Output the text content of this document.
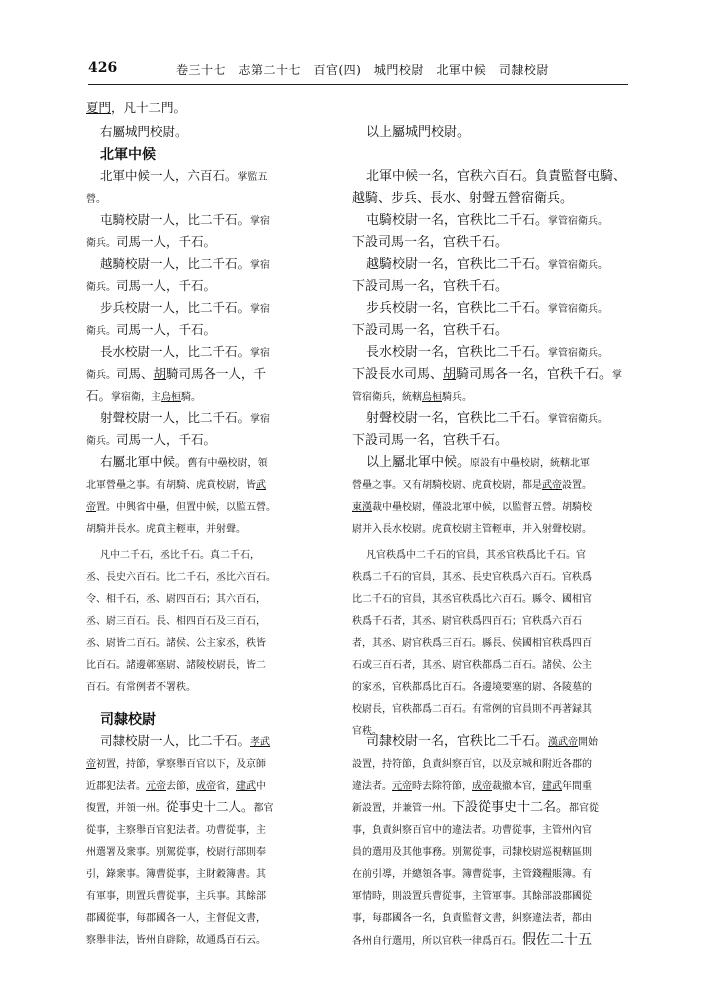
426	卷三十七　志第二十七　百官(四)　城門校尉　北軍中候　司隸校尉
夏門，凡十二門。
右屬城門校尉。
北軍中候
北軍中候一人，六百石。掌監五
營。
屯騎校尉一人，比二千石。掌宿
衛兵。司馬一人，千石。
越騎校尉一人，比二千石。掌宿
衛兵。司馬一人，千石。
步兵校尉一人，比二千石。掌宿
衛兵。司馬一人，千石。
長水校尉一人，比二千石。掌宿
衛兵。司馬、胡騎司馬各一人，千
石。掌宿衛，主烏桓騎。
射聲校尉一人，比二千石。掌宿
衛兵。司馬一人，千石。
右屬北軍中候。舊有中壘校尉，領
北軍營壘之事。有胡騎、虎賁校尉，皆武
帝置。中興省中壘，但置中候，以監五營。
胡騎并長水。虎賁主輕車，并射聲。
凡中二千石，丞比千石。真二千石，
丞、長史六百石。比二千石，丞比六百石。
令、相千石，丞、尉四百石；其六百石，
丞、尉三百石。長、相四百石及三百石，
丞、尉皆二百石。諸侯、公主家丞，秩皆
比百石。諸邊鄣塞尉、諸陵校尉長，皆二
百石。有常例者不署秩。
司隸校尉
司隸校尉一人，比二千石。孝武
帝初置，持節，掌察舉百官以下，及京師
近郡犯法者。元帝去節，成帝省，建武中
復置，并領一州。從事史十二人。都官
從事，主察舉百官犯法者。功曹從事，主
州選署及衆事。別駕從事，校尉行部則奉
引，錄衆事。簿曹從事，主財穀簿書。其
有軍事，則置兵曹從事，主兵事。其餘部
郡國從事，每郡國各一人，主督促文書，
察舉非法，皆州自辟除，故通爲百石云。
以上屬城門校尉。
北軍中候一名，官秩六百石。負責監督屯騎、
越騎、步兵、長水、射聲五營宿衛兵。
屯騎校尉一名，官秩比二千石。掌管宿衛兵。
下設司馬一名，官秩千石。
越騎校尉一名，官秩比二千石。掌管宿衛兵。
下設司馬一名，官秩千石。
步兵校尉一名，官秩比二千石。掌管宿衛兵。
下設司馬一名，官秩千石。
長水校尉一名，官秩比二千石。掌管宿衛兵。
下設長水司馬、胡騎司馬各一名，官秩千石。掌
管宿衛兵，統轄烏桓騎兵。
射聲校尉一名，官秩比二千石。掌管宿衛兵。
下設司馬一名，官秩千石。
以上屬北軍中候。原設有中壘校尉，統轄北軍
營壘之事。又有胡騎校尉、虎賁校尉，都是武帝設置。
東漢裁中壘校尉，僅設北軍中候，以監督五營。胡騎校
尉并入長水校尉。虎賁校尉主管輕車，并入射聲校尉。
凡官秩爲中二千石的官員，其丞官秩爲比千石。官
秩爲二千石的官員，其丞、長史官秩爲六百石。官秩爲
比二千石的官員，其丞官秩爲比六百石。縣令、國相官
秩爲千石者，其丞、尉官秩爲四百石；官秩爲六百石
者，其丞、尉官秩爲三百石。縣長、侯國相官秩爲四百
石或三百石者，其丞、尉官秩都爲二百石。諸侯、公主
的家丞，官秩都爲比百石。各邊境要塞的尉、各陵墓的
校尉長，官秩都爲二百石。有常例的官員則不再著録其
官秩。
司隸校尉一名，官秩比二千石。漢武帝開始
設置，持符節，負責糾察百官，以及京城和附近各郡的
違法者。元帝時去除符節，成帝裁撤本官，建武年間重
新設置，并兼管一州。下設從事史十二名。都官從
事，負責糾察百官中的違法者。功曹從事，主管州內官
員的選用及其他事務。別駕從事，司隸校尉巡視轄區則
在前引導，并總領各事。簿曹從事，主管錢糧賬簿。有
軍情時，則設置兵曹從事，主管軍事。其餘部設郡國從
事，每郡國各一名，負責監督文書，糾察違法者，都由
各州自行選用，所以官秩一律爲百石。假佐二十五
